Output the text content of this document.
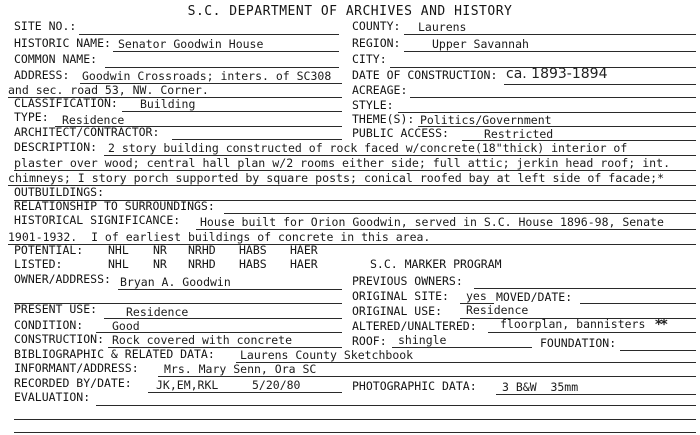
S.C. DEPARTMENT OF ARCHIVES AND HISTORY
SITE NO.:	COUNTY: Laurens
HISTORIC NAME: Senator Goodwin House	REGION:	Upper Savannah
COMMON NAME:	CITY:
ADDRESS: Goodwin Crossroads; inters. of SC308 DATE OF CONSTRUCTION: ca. 1893-1894
and sec. road 53, NW. Corner.	ACREAGE:
CLASSIFICATION: Building	STYLE:
TYPE: Residence	THEME(S): Politics/Government
ARCHITECT/CONTRACTOR:	PUBLIC ACCESS:	Restricted
DESCRIPTION: 2 story building constructed of rock faced w/concrete(18"thick) interior of
plaster over wood; central hall plan w/2 rooms either side; full attic; jerkin head roof; int.
chimneys; I story porch supported by square posts; conical roofed bay at left side of facade;*
OUTBUILDINGS:
RELATIONSHIP TO SURROUNDINGS:
HISTORICAL SIGNIFICANCE: House built for Orion Goodwin, served in S.C. House 1896-98, Senate
1901-1932.  I of earliest buildings of concrete in this area.
POTENTIAL: NHL NR NRHD HABS HAER
LISTED:	NHL NR NRHD HABS HAER	S.C. MARKER PROGRAM
OWNER/ADDRESS: Bryan A. Goodwin	PREVIOUS OWNERS:
ORIGINAL SITE: yes MOVED/DATE:
PRESENT USE:	Residence	ORIGINAL USE: Residence
CONDITION:	Good	ALTERED/UNALTERED: floorplan, bannisters **
CONSTRUCTION: Rock covered with concrete	ROOF: shingle	FOUNDATION:
BIBLIOGRAPHIC & RELATED DATA: Laurens County Sketchbook
INFORMANT/ADDRESS: Mrs. Mary Senn, Ora SC
RECORDED BY/DATE: JK,EM,RKL	5/20/80	PHOTOGRAPHIC DATA: 3 B&W  35mm
EVALUATION:
